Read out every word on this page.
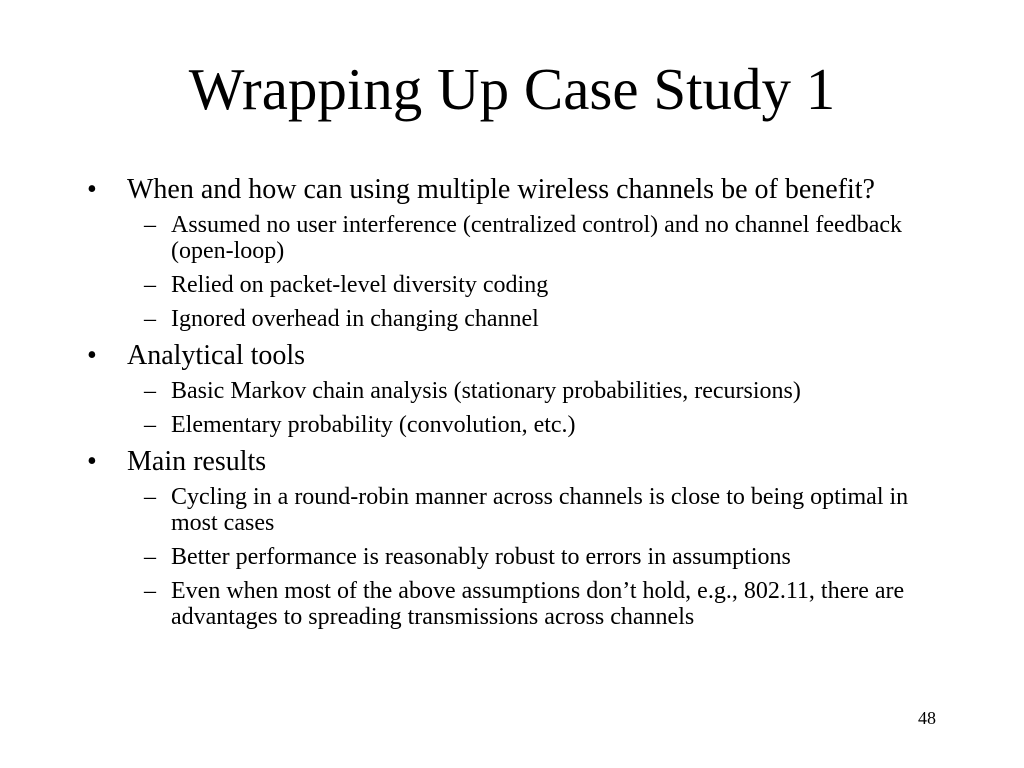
Wrapping Up Case Study 1
• When and how can using multiple wireless channels be of benefit?
– Assumed no user interference (centralized control) and no channel feedback (open-loop)
– Relied on packet-level diversity coding
– Ignored overhead in changing channel
• Analytical tools
– Basic Markov chain analysis (stationary probabilities, recursions)
– Elementary probability (convolution, etc.)
• Main results
– Cycling in a round-robin manner across channels is close to being optimal in most cases
– Better performance is reasonably robust to errors in assumptions
– Even when most of the above assumptions don’t hold, e.g., 802.11, there are advantages to spreading transmissions across channels
48
